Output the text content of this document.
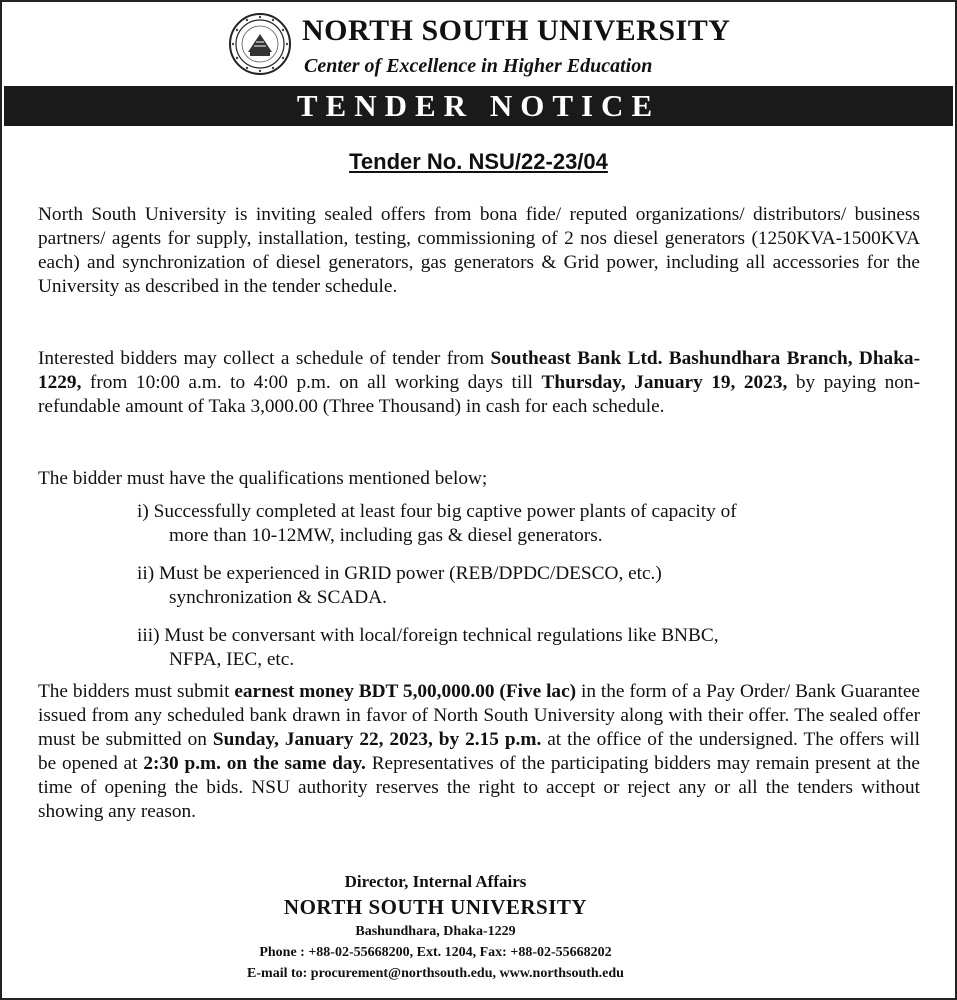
NORTH SOUTH UNIVERSITY
Center of Excellence in Higher Education
TENDER NOTICE
Tender No. NSU/22-23/04
North South University is inviting sealed offers from bona fide/ reputed organizations/ distributors/ business partners/ agents for supply, installation, testing, commissioning of 2 nos diesel generators (1250KVA-1500KVA each) and synchronization of diesel generators, gas generators & Grid power, including all accessories for the University as described in the tender schedule.
Interested bidders may collect a schedule of tender from Southeast Bank Ltd. Bashundhara Branch, Dhaka-1229, from 10:00 a.m. to 4:00 p.m. on all working days till Thursday, January 19, 2023, by paying non-refundable amount of Taka 3,000.00 (Three Thousand) in cash for each schedule.
The bidder must have the qualifications mentioned below;
i) Successfully completed at least four big captive power plants of capacity of
more than 10-12MW, including gas & diesel generators.
ii) Must be experienced in GRID power (REB/DPDC/DESCO, etc.)
synchronization & SCADA.
iii) Must be conversant with local/foreign technical regulations like BNBC,
NFPA, IEC, etc.
The bidders must submit earnest money BDT 5,00,000.00 (Five lac) in the form of a Pay Order/ Bank Guarantee issued from any scheduled bank drawn in favor of North South University along with their offer. The sealed offer must be submitted on Sunday, January 22, 2023, by 2.15 p.m. at the office of the undersigned. The offers will be opened at 2:30 p.m. on the same day. Representatives of the participating bidders may remain present at the time of opening the bids. NSU authority reserves the right to accept or reject any or all the tenders without showing any reason.
Director, Internal Affairs
NORTH SOUTH UNIVERSITY
Bashundhara, Dhaka-1229
Phone : +88-02-55668200, Ext. 1204, Fax: +88-02-55668202
E-mail to: procurement@northsouth.edu, www.northsouth.edu
